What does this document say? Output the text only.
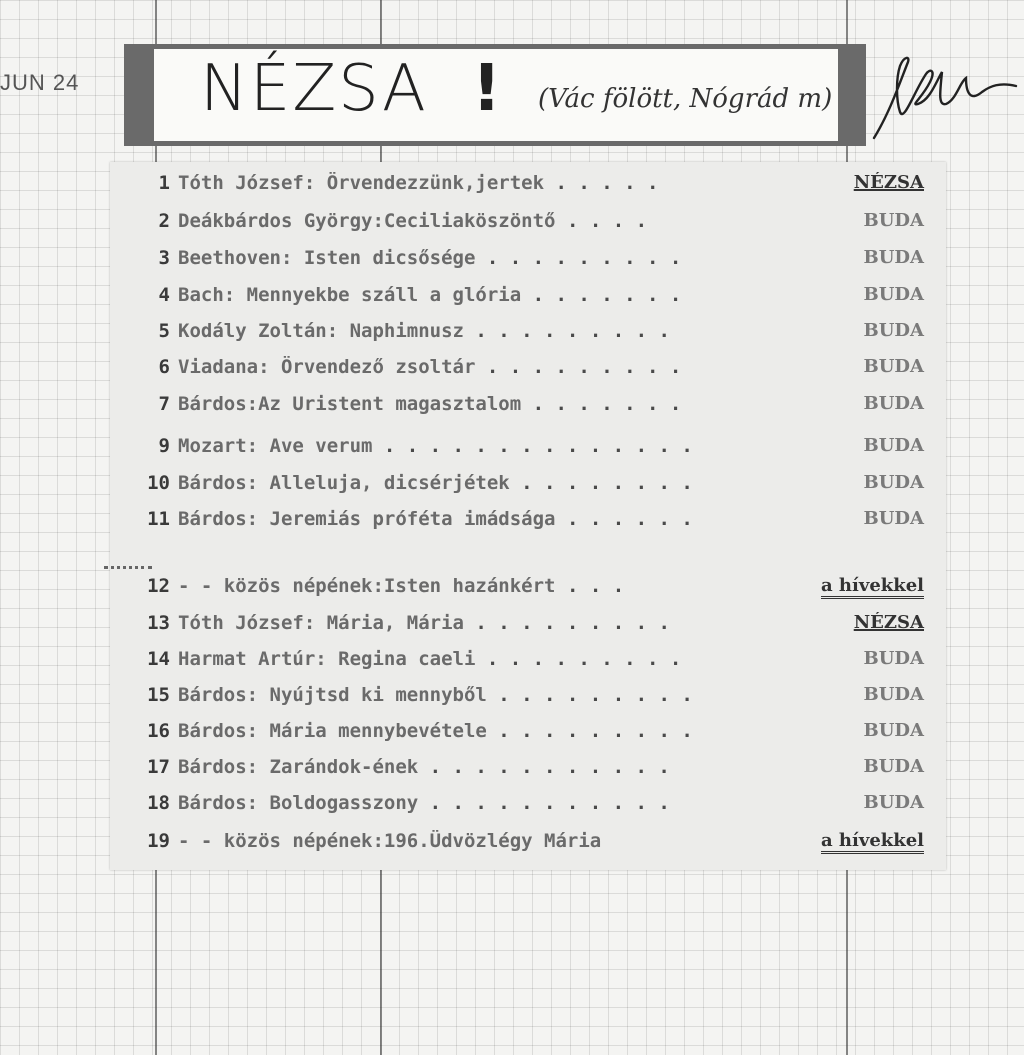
JUN 24 NÉZSA ! (Vác fölött, Nógrád m)
1 Tóth József: Örvendezzünk,jertek . . . . .	NÉZSA
2 Deákbárdos György:Ceciliaköszöntő . . . .	BUDA
3 Beethoven: Isten dicsősége . . . . . . . . .	BUDA
4 Bach: Mennyekbe száll a glória . . . . . . .	BUDA
5 Kodály Zoltán: Naphimnusz . . . . . . . . .	BUDA
6 Viadana: Örvendező zsoltár . . . . . . . . .	BUDA
7 Bárdos:Az Uristent magasztalom . . . . . . .	BUDA
9 Mozart: Ave verum . . . . . . . . . . . . . .	BUDA
10 Bárdos: Alleluja, dicsérjétek . . . . . . . .	BUDA
11 Bárdos: Jeremiás próféta imádsága . . . . . .	BUDA
12 - - közös népének:Isten hazánkért . . .	a hívekkel
13 Tóth József: Mária, Mária . . . . . . . . .	NÉZSA
14 Harmat Artúr: Regina caeli . . . . . . . . .	BUDA
15 Bárdos: Nyújtsd ki mennyből . . . . . . . . .	BUDA
16 Bárdos: Mária mennybevétele . . . . . . . . .	BUDA
17 Bárdos: Zarándok-ének . . . . . . . . . . .	BUDA
18 Bárdos: Boldogasszony . . . . . . . . . . .	BUDA
19 - - közös népének:196.Üdvözlégy Mária	a hívekkel
